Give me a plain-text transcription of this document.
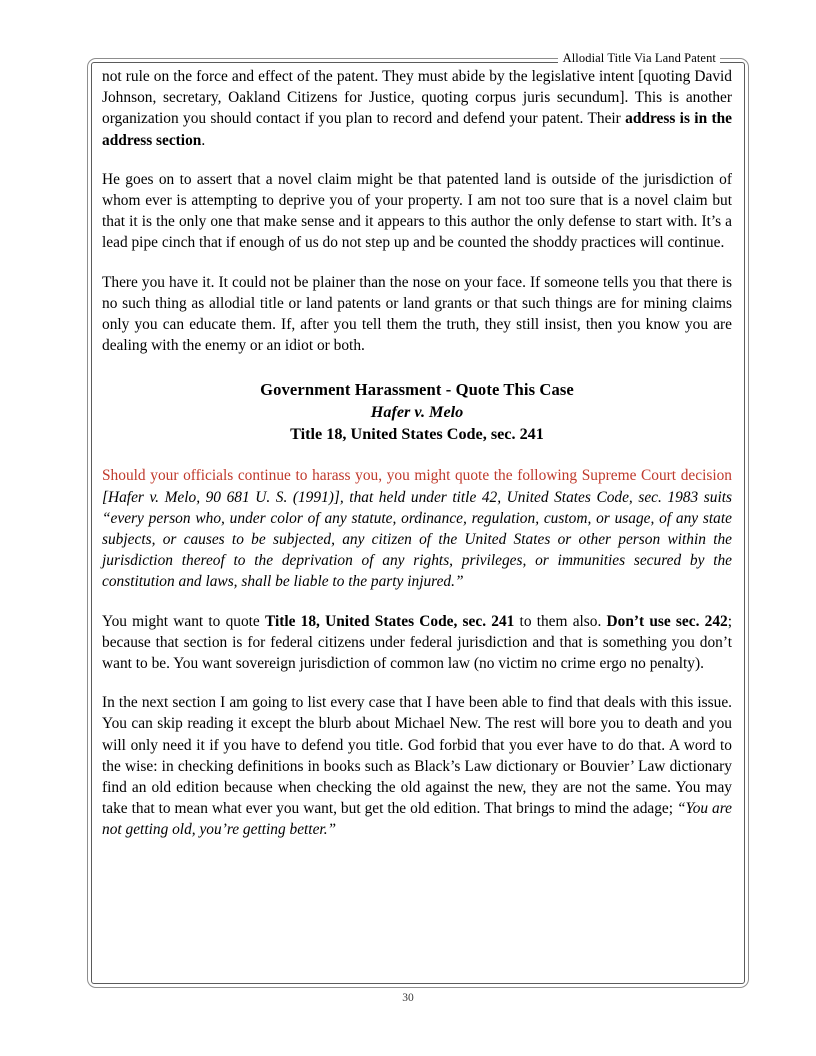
Allodial Title Via Land Patent

not rule on the force and effect of the patent. They must abide by the legislative intent [quoting David Johnson, secretary, Oakland Citizens for Justice, quoting corpus juris secundum]. This is another organization you should contact if you plan to record and defend your patent. Their address is in the address section.

He goes on to assert that a novel claim might be that patented land is outside of the jurisdiction of whom ever is attempting to deprive you of your property. I am not too sure that is a novel claim but that it is the only one that make sense and it appears to this author the only defense to start with. It’s a lead pipe cinch that if enough of us do not step up and be counted the shoddy practices will continue.

There you have it. It could not be plainer than the nose on your face. If someone tells you that there is no such thing as allodial title or land patents or land grants or that such things are for mining claims only you can educate them. If, after you tell them the truth, they still insist, then you know you are dealing with the enemy or an idiot or both.

Government Harassment - Quote This Case
Hafer v. Melo
Title 18, United States Code, sec. 241
Should your officials continue to harass you, you might quote the following Supreme Court decision [Hafer v. Melo, 90 681 U. S. (1991)], that held under title 42, United States Code, sec. 1983 suits “every person who, under color of any statute, ordinance, regulation, custom, or usage, of any state subjects, or causes to be subjected, any citizen of the United States or other person within the jurisdiction thereof to the deprivation of any rights, privileges, or immunities secured by the constitution and laws, shall be liable to the party injured.”

You might want to quote Title 18, United States Code, sec. 241 to them also. Don’t use sec. 242; because that section is for federal citizens under federal jurisdiction and that is something you don’t want to be. You want sovereign jurisdiction of common law (no victim no crime ergo no penalty).

In the next section I am going to list every case that I have been able to find that deals with this issue. You can skip reading it except the blurb about Michael New. The rest will bore you to death and you will only need it if you have to defend you title. God forbid that you ever have to do that. A word to the wise: in checking definitions in books such as Black’s Law dictionary or Bouvier’ Law dictionary find an old edition because when checking the old against the new, they are not the same. You may take that to mean what ever you want, but get the old edition. That brings to mind the adage; “You are not getting old, you’re getting better.”

30
